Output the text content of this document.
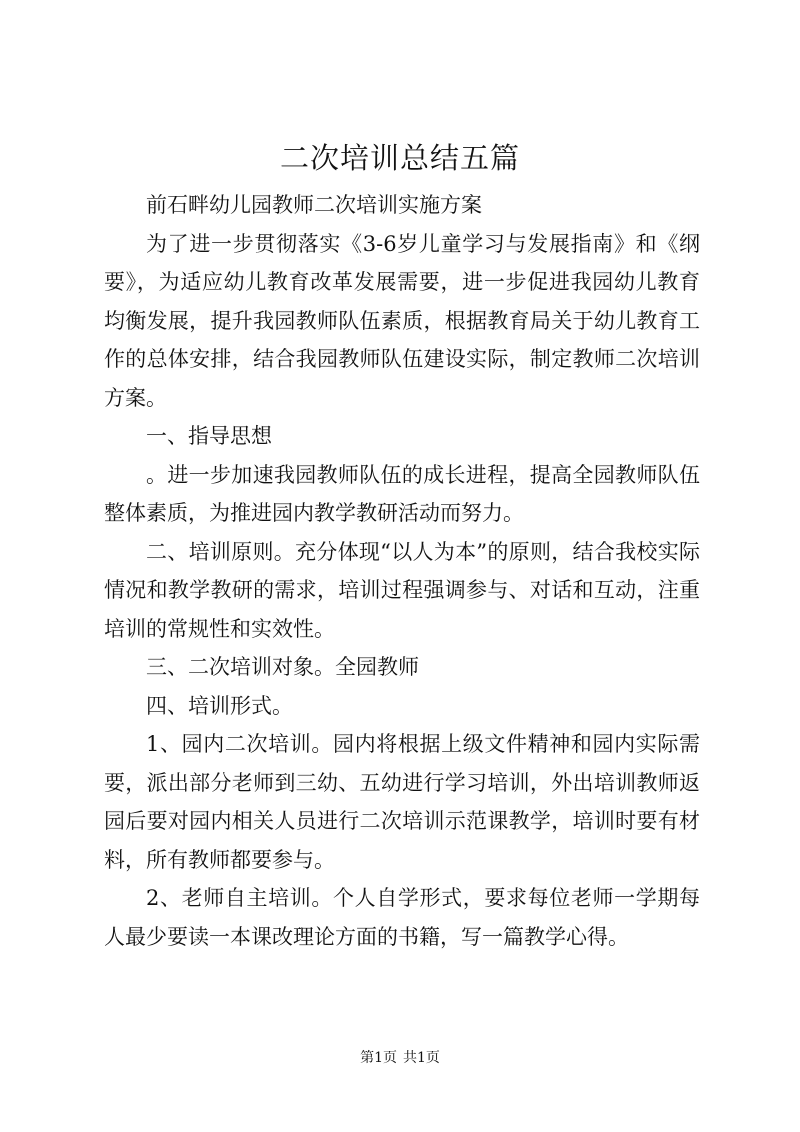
二次培训总结五篇

前石畔幼儿园教师二次培训实施方案

为了进一步贯彻落实《3-6岁儿童学习与发展指南》和《纲要》，为适应幼儿教育改革发展需要，进一步促进我园幼儿教育均衡发展，提升我园教师队伍素质，根据教育局关于幼儿教育工作的总体安排，结合我园教师队伍建设实际，制定教师二次培训方案。

一、指导思想

。进一步加速我园教师队伍的成长进程，提高全园教师队伍整体素质，为推进园内教学教研活动而努力。

二、培训原则。充分体现“以人为本”的原则，结合我校实际情况和教学教研的需求，培训过程强调参与、对话和互动，注重培训的常规性和实效性。

三、二次培训对象。全园教师

四、培训形式。

1、园内二次培训。园内将根据上级文件精神和园内实际需要，派出部分老师到三幼、五幼进行学习培训，外出培训教师返园后要对园内相关人员进行二次培训示范课教学，培训时要有材料，所有教师都要参与。

2、老师自主培训。个人自学形式，要求每位老师一学期每人最少要读一本课改理论方面的书籍，写一篇教学心得。

第1页 共1页
